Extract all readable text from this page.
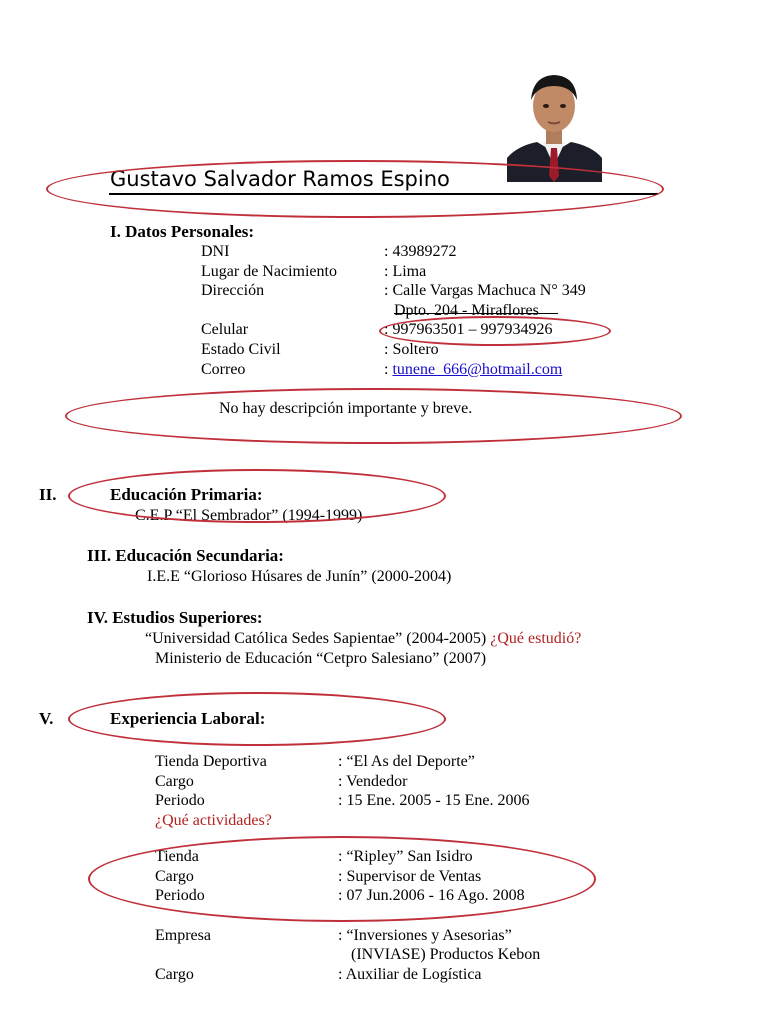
Gustavo Salvador Ramos Espino
I. Datos Personales:
DNI	: 43989272
Lugar de Nacimiento	: Lima
Dirección	: Calle Vargas Machuca N° 349
Dpto. 204 - Miraflores
Celular	: 997963501 – 997934926
Estado Civil	: Soltero
Correo	: tunene_666@hotmail.com
No hay descripción importante y breve.
II.	Educación Primaria:
C.E.P “El Sembrador” (1994-1999)
III. Educación Secundaria:
I.E.E “Glorioso Húsares de Junín” (2000-2004)
IV. Estudios Superiores:
“Universidad Católica Sedes Sapientae” (2004-2005) ¿Qué estudió?
Ministerio de Educación “Cetpro Salesiano” (2007)
V.	Experiencia Laboral:
Tienda Deportiva	: “El As del Deporte”
Cargo	: Vendedor
Periodo	: 15 Ene. 2005 - 15 Ene. 2006
¿Qué actividades?
Tienda	: “Ripley” San Isidro
Cargo	: Supervisor de Ventas
Periodo	: 07 Jun.2006 - 16 Ago. 2008
Empresa	: “Inversiones y Asesorias”
(INVIASE) Productos Kebon
Cargo	: Auxiliar de Logística
